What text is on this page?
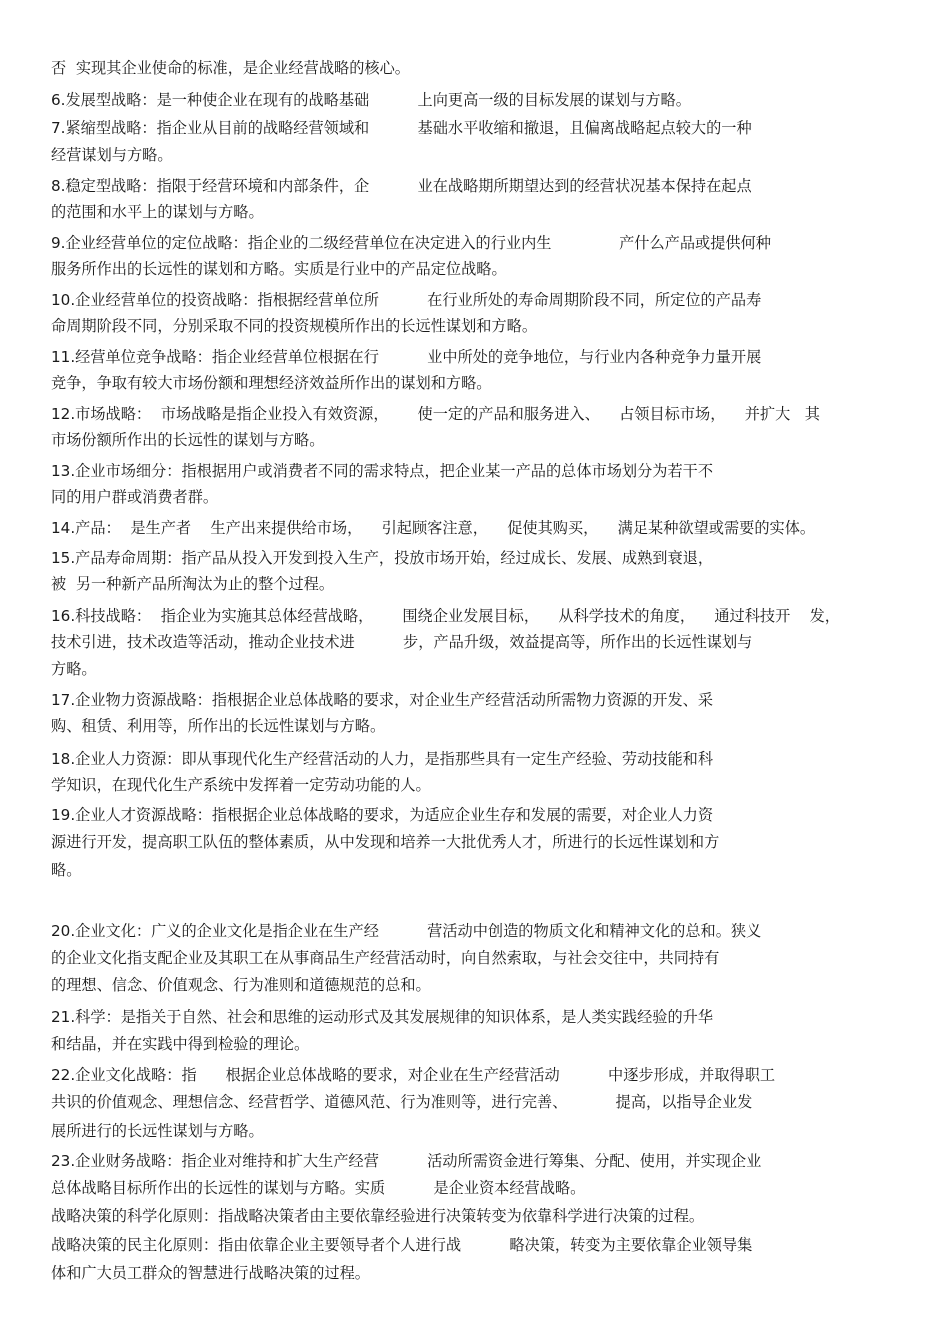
否  实现其企业使命的标准，是企业经营战略的核心。
6.发展型战略：是一种使企业在现有的战略基础          上向更高一级的目标发展的谋划与方略。
7.紧缩型战略：指企业从目前的战略经营领域和          基础水平收缩和撤退，且偏离战略起点较大的一种
经营谋划与方略。
8.稳定型战略：指限于经营环境和内部条件，企          业在战略期所期望达到的经营状况基本保持在起点
的范围和水平上的谋划与方略。
9.企业经营单位的定位战略：指企业的二级经营单位在决定进入的行业内生              产什么产品或提供何种
服务所作出的长远性的谋划和方略。实质是行业中的产品定位战略。
10.企业经营单位的投资战略：指根据经营单位所          在行业所处的寿命周期阶段不同，所定位的产品寿
命周期阶段不同，分别采取不同的投资规模所作出的长远性谋划和方略。
11.经营单位竞争战略：指企业经营单位根据在行          业中所处的竞争地位，与行业内各种竞争力量开展
竞争，争取有较大市场份额和理想经济效益所作出的谋划和方略。
12.市场战略：  市场战略是指企业投入有效资源，      使一定的产品和服务进入、    占领目标市场，    并扩大   其
市场份额所作出的长远性的谋划与方略。
13.企业市场细分：指根据用户或消费者不同的需求特点，把企业某一产品的总体市场划分为若干不
同的用户群或消费者群。
14.产品：  是生产者    生产出来提供给市场，    引起顾客注意，    促使其购买，    满足某种欲望或需要的实体。
15.产品寿命周期：指产品从投入开发到投入生产，投放市场开始，经过成长、发展、成熟到衰退，
被  另一种新产品所淘汰为止的整个过程。
16.科技战略：  指企业为实施其总体经营战略，      围绕企业发展目标，    从科学技术的角度，    通过科技开    发，
技术引进，技术改造等活动，推动企业技术进          步，产品升级，效益提高等，所作出的长远性谋划与
方略。
17.企业物力资源战略：指根据企业总体战略的要求，对企业生产经营活动所需物力资源的开发、采
购、租赁、利用等，所作出的长远性谋划与方略。
18.企业人力资源：即从事现代化生产经营活动的人力，是指那些具有一定生产经验、劳动技能和科
学知识，在现代化生产系统中发挥着一定劳动功能的人。
19.企业人才资源战略：指根据企业总体战略的要求，为适应企业生存和发展的需要，对企业人力资
源进行开发，提高职工队伍的整体素质，从中发现和培养一大批优秀人才，所进行的长远性谋划和方
略。
20.企业文化：广义的企业文化是指企业在生产经          营活动中创造的物质文化和精神文化的总和。狭义
的企业文化指支配企业及其职工在从事商品生产经营活动时，向自然索取，与社会交往中，共同持有
的理想、信念、价值观念、行为准则和道德规范的总和。
21.科学：是指关于自然、社会和思维的运动形式及其发展规律的知识体系，是人类实践经验的升华
和结晶，并在实践中得到检验的理论。
22.企业文化战略：指      根据企业总体战略的要求，对企业在生产经营活动          中逐步形成，并取得职工
共识的价值观念、理想信念、经营哲学、道德风范、行为准则等，进行完善、          提高，以指导企业发
展所进行的长远性谋划与方略。
23.企业财务战略：指企业对维持和扩大生产经营          活动所需资金进行筹集、分配、使用，并实现企业
总体战略目标所作出的长远性的谋划与方略。实质          是企业资本经营战略。
战略决策的科学化原则：指战略决策者由主要依靠经验进行决策转变为依靠科学进行决策的过程。
战略决策的民主化原则：指由依靠企业主要领导者个人进行战          略决策，转变为主要依靠企业领导集
体和广大员工群众的智慧进行战略决策的过程。
